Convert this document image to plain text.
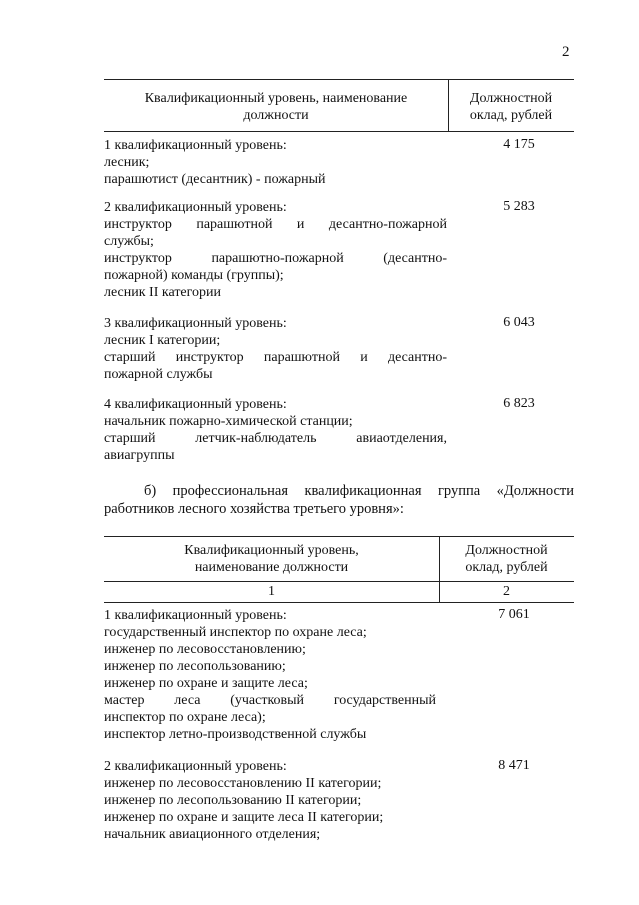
2
Квалификационный уровень, наименование
должности
Должностной
оклад, рублей
1 квалификационный уровень:
лесник;
парашютист (десантник) - пожарный
4 175
2 квалификационный уровень:
инструктор парашютной и десантно-пожарной
службы;
инструктор парашютно-пожарной (десантно-
пожарной) команды (группы);
лесник II категории
5 283
3 квалификационный уровень:
лесник I категории;
старший инструктор парашютной и десантно-
пожарной службы
6 043
4 квалификационный уровень:
начальник пожарно-химической станции;
старший летчик-наблюдатель авиаотделения,
авиагруппы
6 823
б) профессиональная квалификационная группа «Должности
работников лесного хозяйства третьего уровня»:
Квалификационный уровень,
наименование должности
Должностной
оклад, рублей
1	2
1 квалификационный уровень:
государственный инспектор по охране леса;
инженер по лесовосстановлению;
инженер по лесопользованию;
инженер по охране и защите леса;
мастер леса (участковый государственный
инспектор по охране леса);
инспектор летно-производственной службы
7 061
2 квалификационный уровень:
инженер по лесовосстановлению II категории;
инженер по лесопользованию II категории;
инженер по охране и защите леса II категории;
начальник авиационного отделения;
8 471
